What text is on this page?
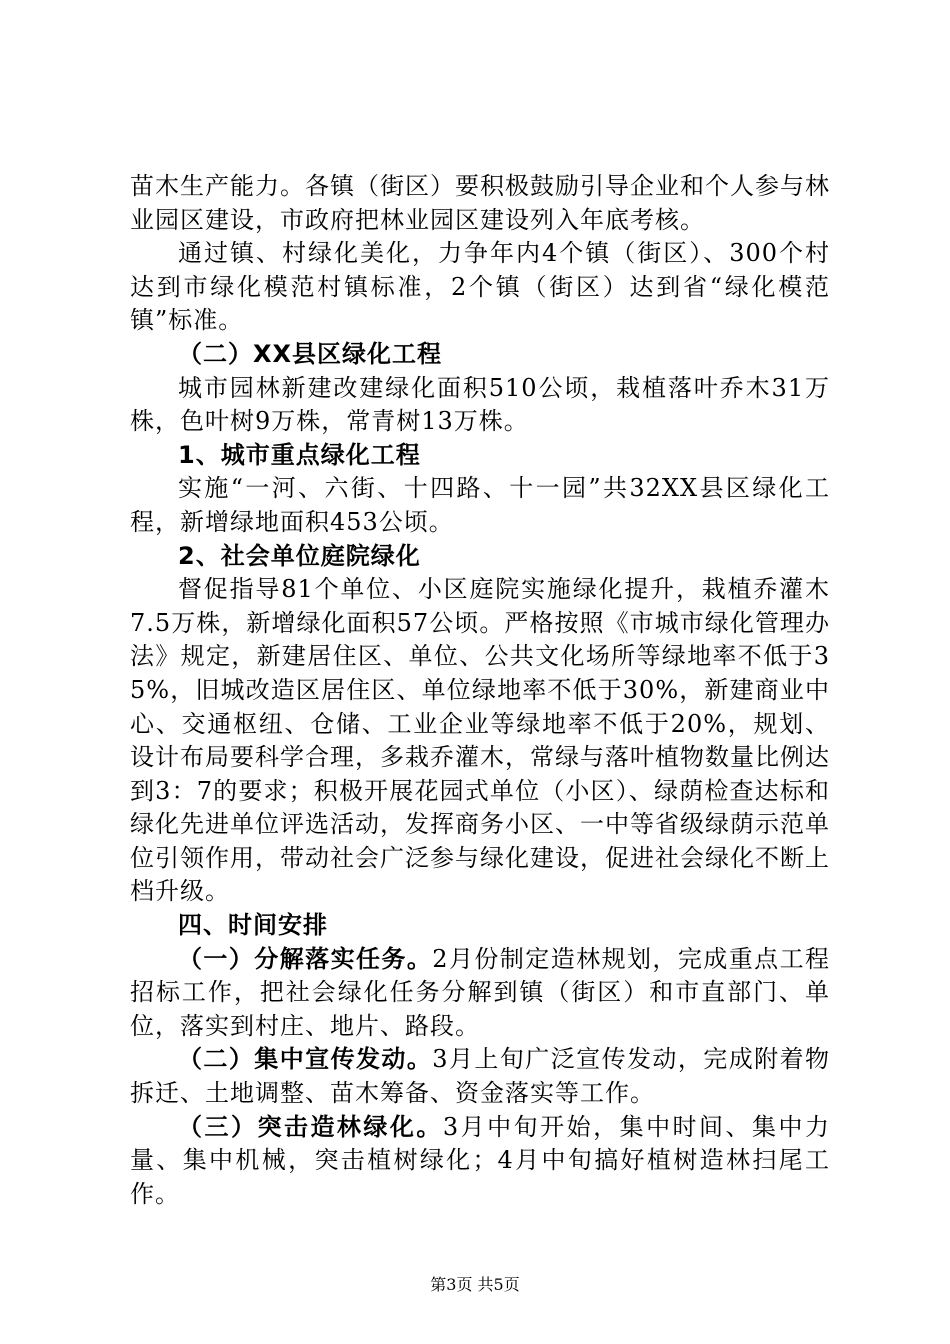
苗木生产能力。各镇（街区）要积极鼓励引导企业和个人参与林业园区建设，市政府把林业园区建设列入年底考核。

通过镇、村绿化美化，力争年内4个镇（街区）、300个村达到市绿化模范村镇标准，2个镇（街区）达到省“绿化模范镇”标准。

（二）XX县区绿化工程

城市园林新建改建绿化面积510公顷，栽植落叶乔木31万株，色叶树9万株，常青树13万株。

1、城市重点绿化工程

实施“一河、六街、十四路、十一园”共32XX县区绿化工程，新增绿地面积453公顷。

2、社会单位庭院绿化

督促指导81个单位、小区庭院实施绿化提升，栽植乔灌木7.5万株，新增绿化面积57公顷。严格按照《市城市绿化管理办法》规定，新建居住区、单位、公共文化场所等绿地率不低于35%，旧城改造区居住区、单位绿地率不低于30%，新建商业中心、交通枢纽、仓储、工业企业等绿地率不低于20%，规划、设计布局要科学合理，多栽乔灌木，常绿与落叶植物数量比例达到3：7的要求；积极开展花园式单位（小区）、绿荫检查达标和绿化先进单位评选活动，发挥商务小区、一中等省级绿荫示范单位引领作用，带动社会广泛参与绿化建设，促进社会绿化不断上档升级。

四、时间安排

（一）分解落实任务。2月份制定造林规划，完成重点工程招标工作，把社会绿化任务分解到镇（街区）和市直部门、单位，落实到村庄、地片、路段。

（二）集中宣传发动。3月上旬广泛宣传发动，完成附着物拆迁、土地调整、苗木筹备、资金落实等工作。

（三）突击造林绿化。3月中旬开始，集中时间、集中力量、集中机械，突击植树绿化；4月中旬搞好植树造林扫尾工作。

第3页 共5页
